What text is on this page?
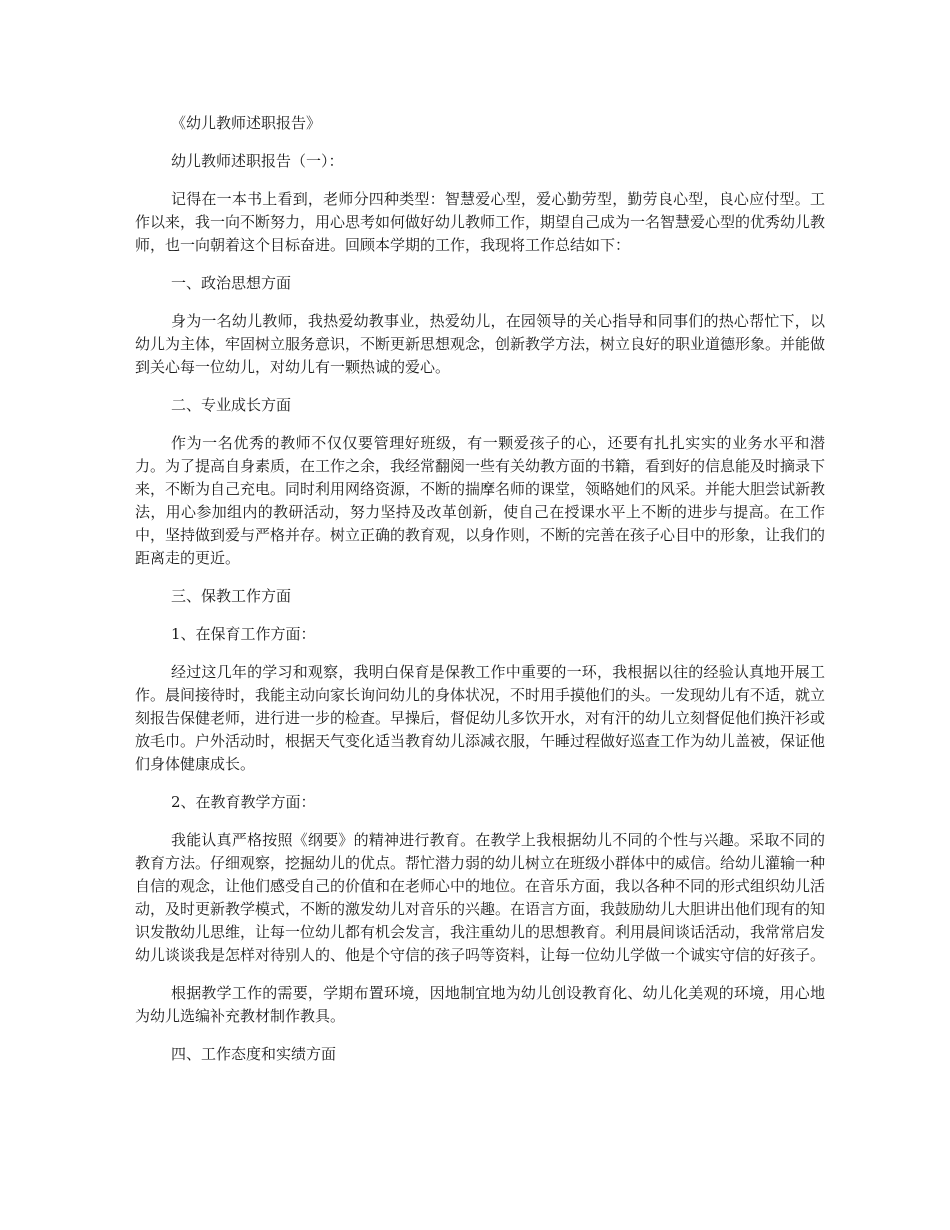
《幼儿教师述职报告》

幼儿教师述职报告（一）：

记得在一本书上看到，老师分四种类型：智慧爱心型，爱心勤劳型，勤劳良心型，良心应付型。工作以来，我一向不断努力，用心思考如何做好幼儿教师工作，期望自己成为一名智慧爱心型的优秀幼儿教师，也一向朝着这个目标奋进。回顾本学期的工作，我现将工作总结如下：

一、政治思想方面

身为一名幼儿教师，我热爱幼教事业，热爱幼儿，在园领导的关心指导和同事们的热心帮忙下，以幼儿为主体，牢固树立服务意识，不断更新思想观念，创新教学方法，树立良好的职业道德形象。并能做到关心每一位幼儿，对幼儿有一颗热诚的爱心。

二、专业成长方面

作为一名优秀的教师不仅仅要管理好班级，有一颗爱孩子的心，还要有扎扎实实的业务水平和潜力。为了提高自身素质，在工作之余，我经常翻阅一些有关幼教方面的书籍，看到好的信息能及时摘录下来，不断为自己充电。同时利用网络资源，不断的揣摩名师的课堂，领略她们的风采。并能大胆尝试新教法，用心参加组内的教研活动，努力坚持及改革创新，使自己在授课水平上不断的进步与提高。在工作中，坚持做到爱与严格并存。树立正确的教育观，以身作则，不断的完善在孩子心目中的形象，让我们的距离走的更近。

三、保教工作方面

1、在保育工作方面：

经过这几年的学习和观察，我明白保育是保教工作中重要的一环，我根据以往的经验认真地开展工作。晨间接待时，我能主动向家长询问幼儿的身体状况，不时用手摸他们的头。一发现幼儿有不适，就立刻报告保健老师，进行进一步的检查。早操后，督促幼儿多饮开水，对有汗的幼儿立刻督促他们换汗衫或放毛巾。户外活动时，根据天气变化适当教育幼儿添减衣服，午睡过程做好巡查工作为幼儿盖被，保证他们身体健康成长。

2、在教育教学方面：

我能认真严格按照《纲要》的精神进行教育。在教学上我根据幼儿不同的个性与兴趣。采取不同的教育方法。仔细观察，挖掘幼儿的优点。帮忙潜力弱的幼儿树立在班级小群体中的威信。给幼儿灌输一种自信的观念，让他们感受自己的价值和在老师心中的地位。在音乐方面，我以各种不同的形式组织幼儿活动，及时更新教学模式，不断的激发幼儿对音乐的兴趣。在语言方面，我鼓励幼儿大胆讲出他们现有的知识发散幼儿思维，让每一位幼儿都有机会发言，我注重幼儿的思想教育。利用晨间谈话活动，我常常启发幼儿谈谈我是怎样对待别人的、他是个守信的孩子吗等资料，让每一位幼儿学做一个诚实守信的好孩子。

根据教学工作的需要，学期布置环境，因地制宜地为幼儿创设教育化、幼儿化美观的环境，用心地为幼儿选编补充教材制作教具。

四、工作态度和实绩方面
